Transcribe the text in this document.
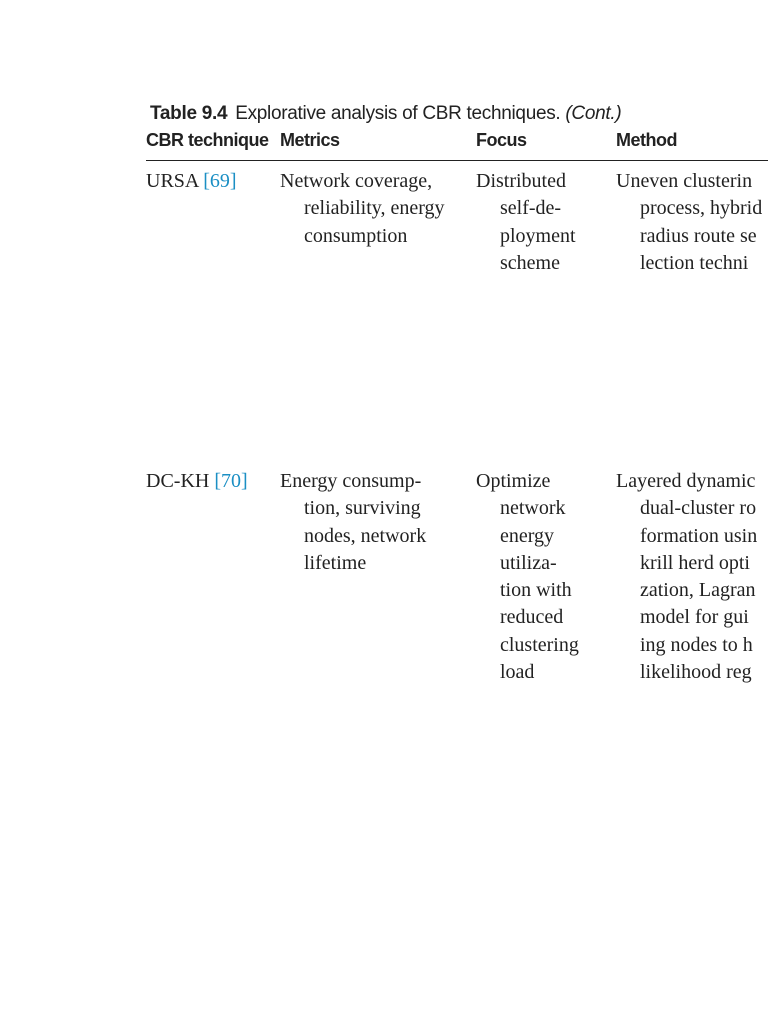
Table 9.4 Explorative analysis of CBR techniques. (Cont.)
CBR technique Metrics	Focus	Method
URSA [69] Network coverage,
reliability, energy
consumption
Distributed
self-de-
ployment
scheme
Uneven clusterin
process, hybrid
radius route se
lection techni
DC-KH [70] Energy consump-
tion, surviving
nodes, network
lifetime
Optimize
network
energy
utiliza-
tion with
reduced
clustering
load
Layered dynamic
dual-cluster ro
formation usin
krill herd opti
zation, Lagran
model for gui
ing nodes to h
likelihood reg
